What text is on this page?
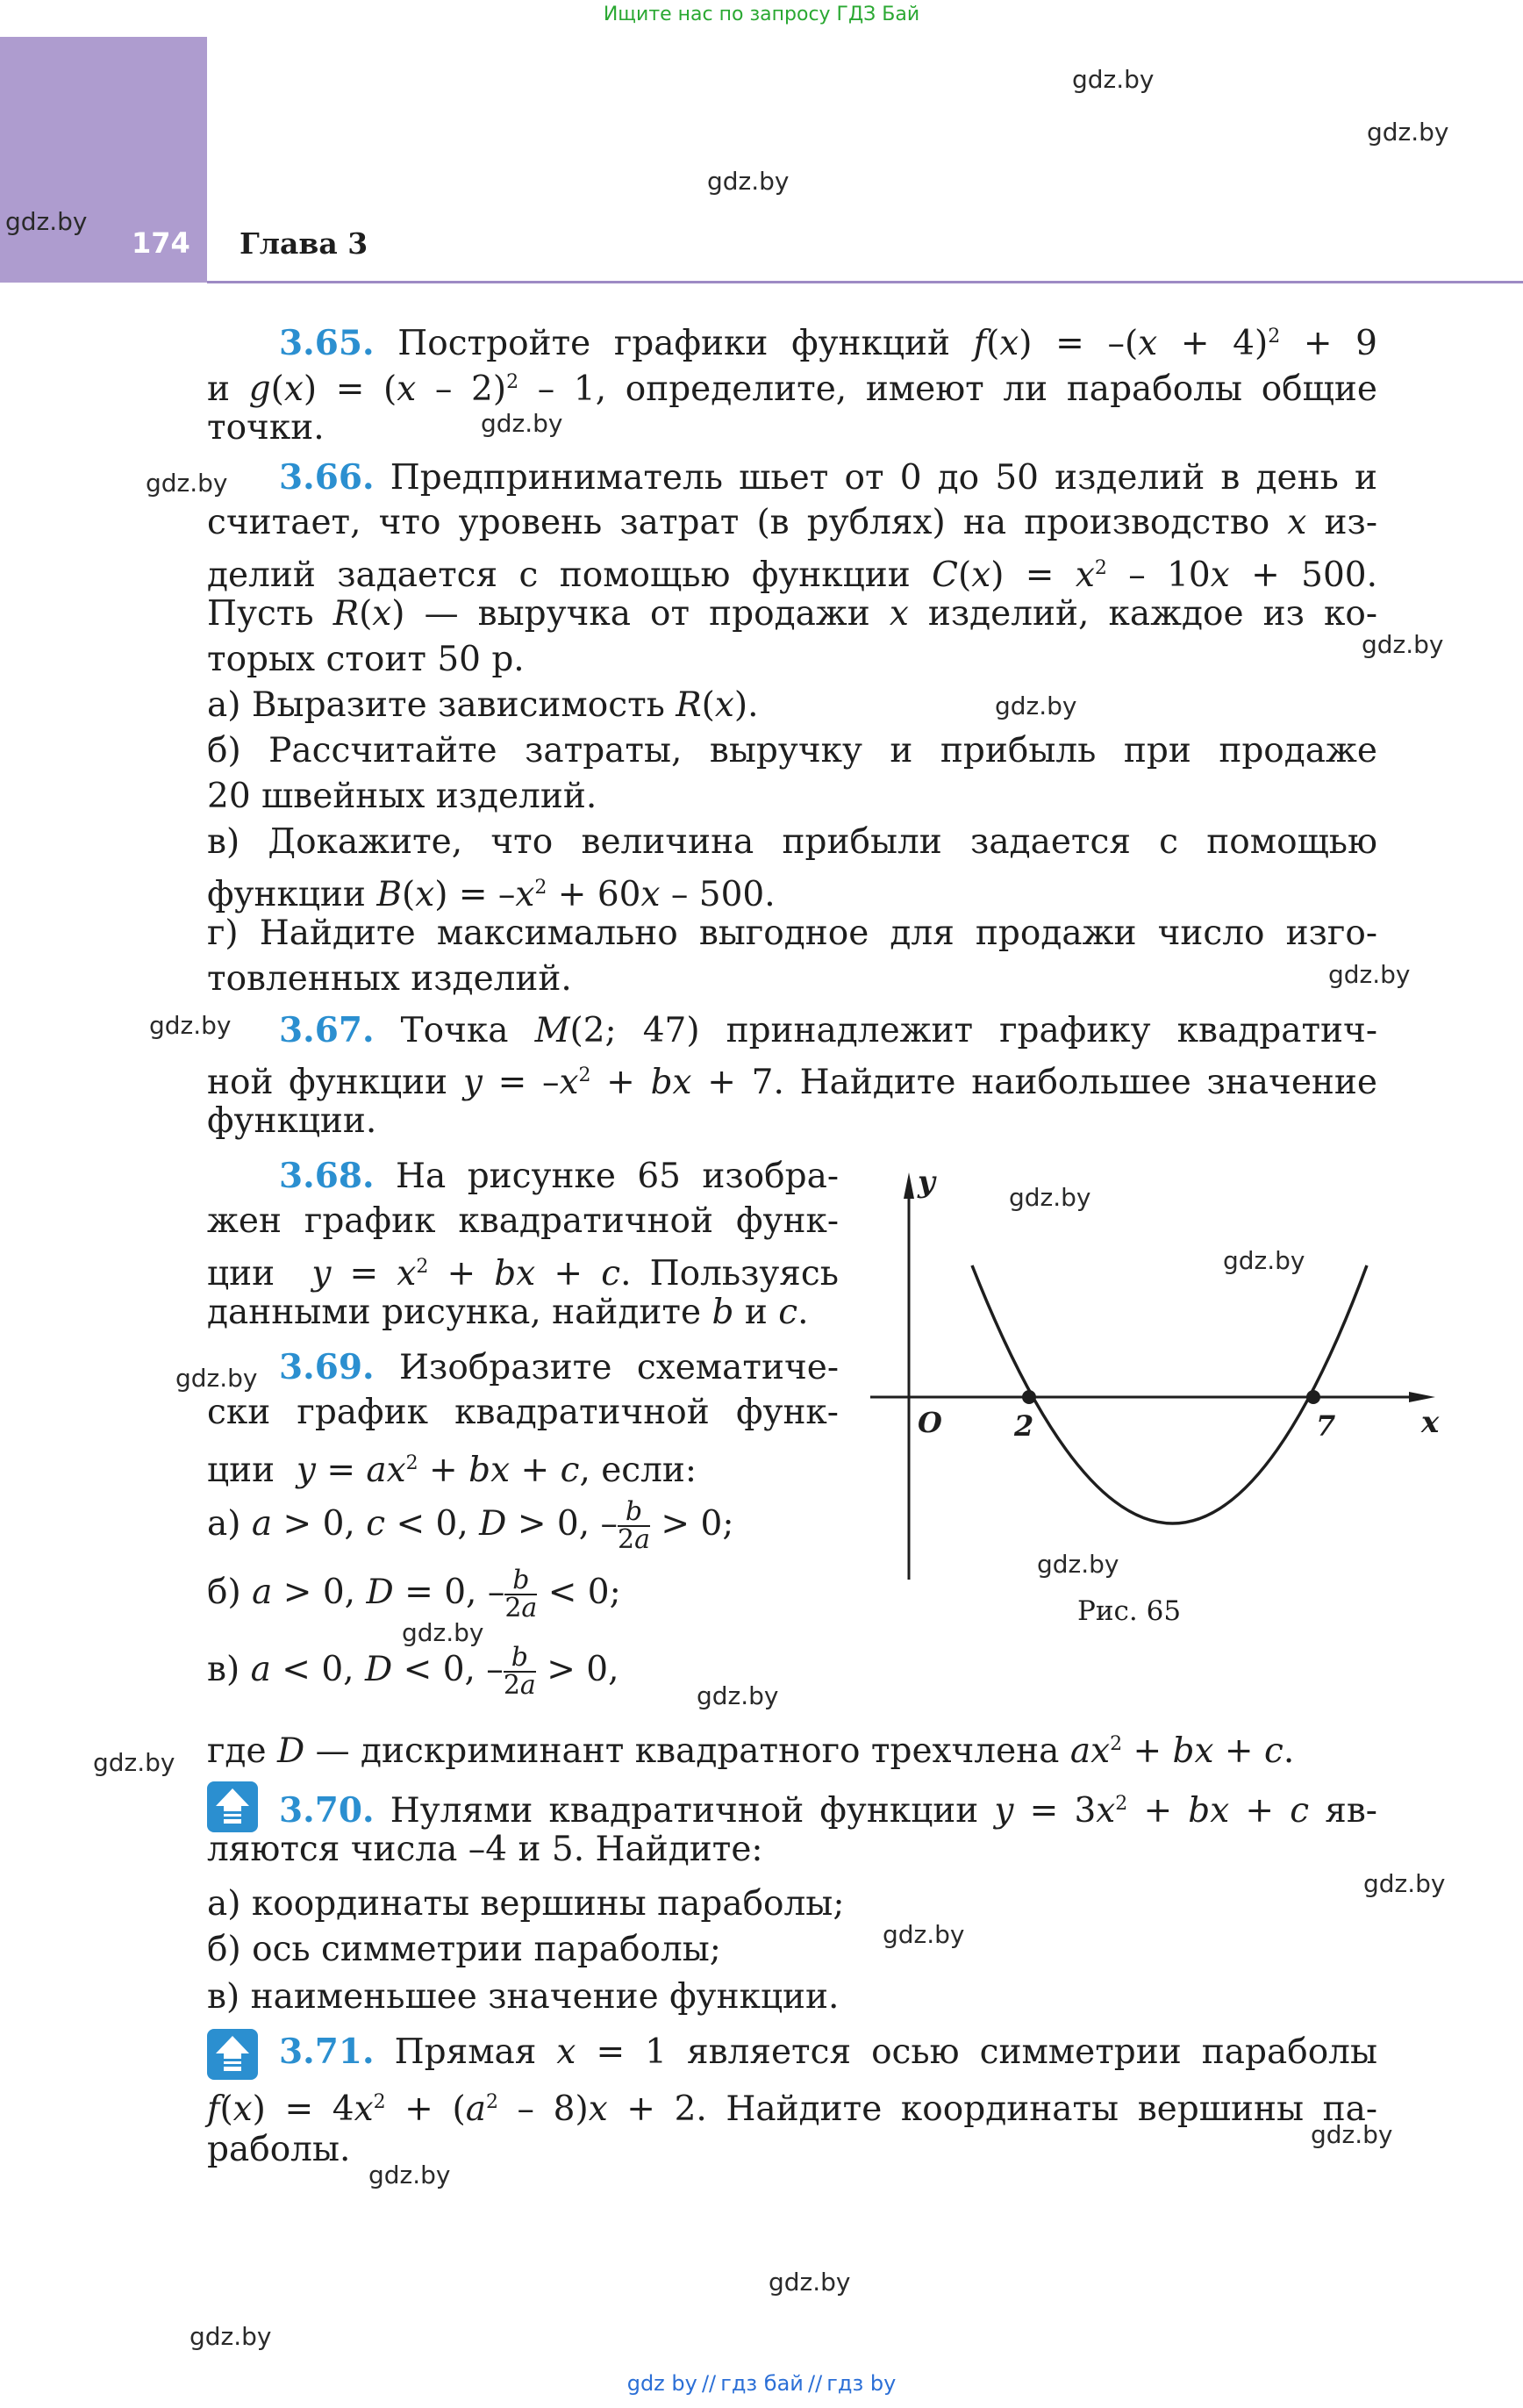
Ищите нас по запросу ГДЗ Бай
174 Глава 3
gdz.by
gdz.by
gdz.by
gdz.by
gdz.by
gdz.by
gdz.by
gdz.by
gdz.by
gdz.by
gdz.by
gdz.by
gdz.by
gdz.by
gdz.by
gdz.by
gdz.by
gdz.by
gdz.by
gdz.by
gdz.by
gdz.by
gdz.by
3.65. Постройте графики функций $f(x) = -(x + 4)^2 + 9$
и g(x) = (x – 2)$^2$ – 1, определите, имеют ли параболы общие
точки.
3.66. Предприниматель шьет от 0 до 50 изделий в день и
считает, что уровень затрат (в рублях) на производство x из-
делий задается с помощью функции $C(x) = x^2 - 10x + 500$.
Пусть R(x) — выручка от продажи x изделий, каждое из ко-
торых стоит 50 р.
а) Выразите зависимость R(x).
б) Рассчитайте затраты, выручку и прибыль при продаже
20 швейных изделий.
в) Докажите, что величина прибыли задается с помощью
функции $B(x) = -x^2 + 60x - 500$.
г) Найдите максимально выгодное для продажи число изго-
товленных изделий.
3.67. Точка M(2; 47) принадлежит графику квадратич-
ной функции $y = -x^2$ + bx + 7. Найдите наибольшее значение
функции.
3.68. На рисунке 65 изобра-
жен график квадратичной функ-
ции  $y = x^2$ + bx + c. Пользуясь
данными рисунка, найдите b и c.
3.69. Изобразите схематиче-
ски график квадратичной функ-
ции  $y = ax^2$ + bx + c, если:
а) a > 0, c < 0, D > 0, – $\frac{b}{2a} > 0$;
б) a > 0, D = 0, – $\frac{b}{2a} < 0$;
в) a < 0, D < 0, – $\frac{b}{2a} > 0$,
где D — дискриминант квадратного трехчлена $ax^2$ + bx + c.
y
x
O	2	7
Рис. 65
3.70. Нулями квадратичной функции $y = 3x^2$ + bx + c яв-
ляются числа –4 и 5. Найдите:
а) координаты вершины параболы;
б) ось симметрии параболы;
в) наименьшее значение функции.
3.71. Прямая x = 1 является осью симметрии параболы
$f(x) = 4x^2 + (a^2 - 8)x + 2$. Найдите координаты вершины па-
раболы.
gdz by // гдз бай // гдз by
